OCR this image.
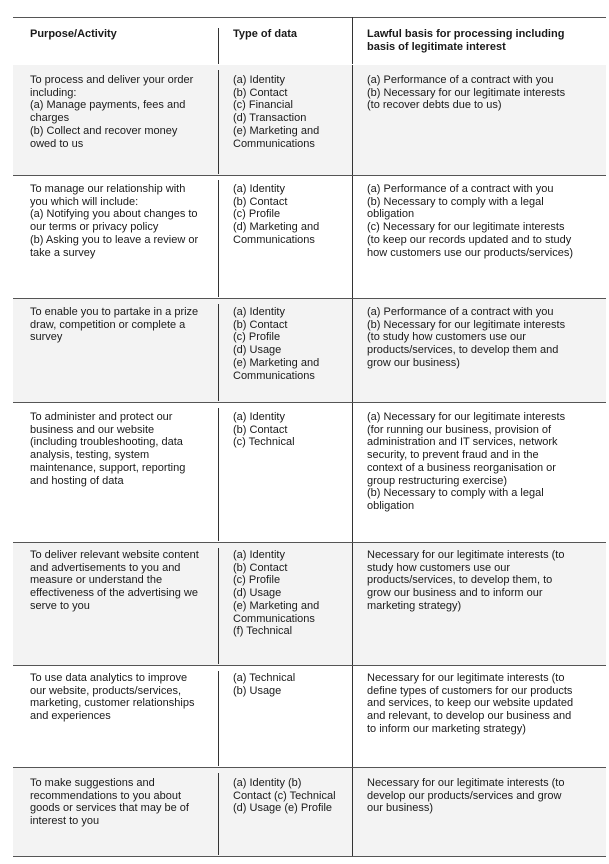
Purpose/Activity	Type of data	Lawful basis for processing including
basis of legitimate interest
To process and deliver your order
including:
(a) Manage payments, fees and
charges
(b) Collect and recover money
owed to us
(a) Identity
(b) Contact
(c) Financial
(d) Transaction
(e) Marketing and
Communications
(a) Performance of a contract with you
(b) Necessary for our legitimate interests
(to recover debts due to us)
To manage our relationship with
you which will include:
(a) Notifying you about changes to
our terms or privacy policy
(b) Asking you to leave a review or
take a survey
(a) Identity
(b) Contact
(c) Profile
(d) Marketing and
Communications
(a) Performance of a contract with you
(b) Necessary to comply with a legal
obligation
(c) Necessary for our legitimate interests
(to keep our records updated and to study
how customers use our products/services)
To enable you to partake in a prize
draw, competition or complete a
survey
(a) Identity
(b) Contact
(c) Profile
(d) Usage
(e) Marketing and
Communications
(a) Performance of a contract with you
(b) Necessary for our legitimate interests
(to study how customers use our
products/services, to develop them and
grow our business)
To administer and protect our
business and our website
(including troubleshooting, data
analysis, testing, system
maintenance, support, reporting
and hosting of data
(a) Identity
(b) Contact
(c) Technical
(a) Necessary for our legitimate interests
(for running our business, provision of
administration and IT services, network
security, to prevent fraud and in the
context of a business reorganisation or
group restructuring exercise)
(b) Necessary to comply with a legal
obligation
To deliver relevant website content
and advertisements to you and
measure or understand the
effectiveness of the advertising we
serve to you
(a) Identity
(b) Contact
(c) Profile
(d) Usage
(e) Marketing and
Communications
(f) Technical
Necessary for our legitimate interests (to
study how customers use our
products/services, to develop them, to
grow our business and to inform our
marketing strategy)
To use data analytics to improve
our website, products/services,
marketing, customer relationships
and experiences
(a) Technical
(b) Usage
Necessary for our legitimate interests (to
define types of customers for our products
and services, to keep our website updated
and relevant, to develop our business and
to inform our marketing strategy)
To make suggestions and
recommendations to you about
goods or services that may be of
interest to you
(a) Identity (b)
Contact (c) Technical
(d) Usage (e) Profile
Necessary for our legitimate interests (to
develop our products/services and grow
our business)
